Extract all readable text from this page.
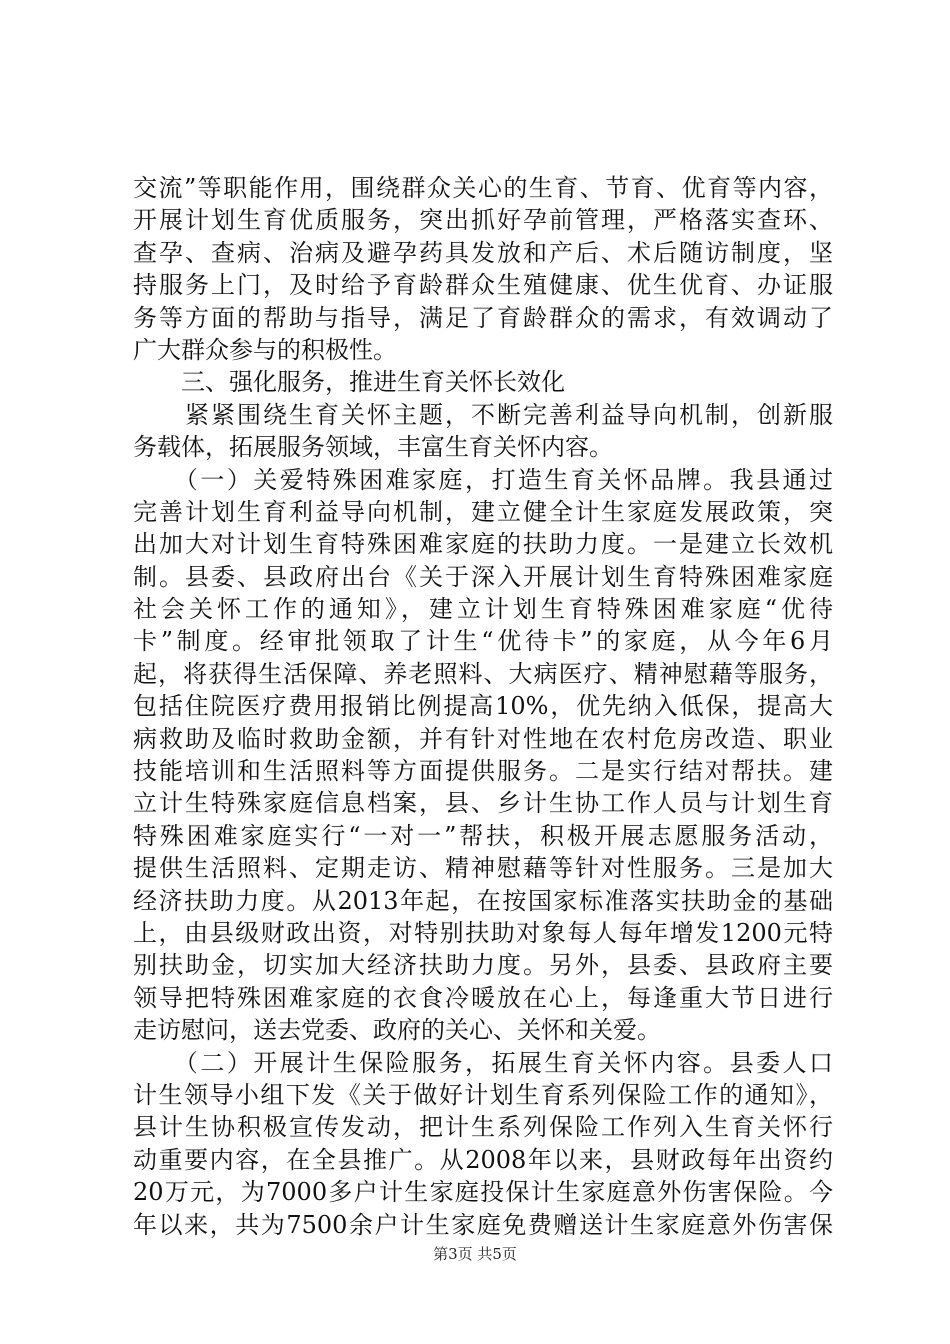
交流”等职能作用，围绕群众关心的生育、节育、优育等内容，
开展计划生育优质服务，突出抓好孕前管理，严格落实查环、
查孕、查病、治病及避孕药具发放和产后、术后随访制度，坚
持服务上门，及时给予育龄群众生殖健康、优生优育、办证服
务等方面的帮助与指导，满足了育龄群众的需求，有效调动了
广大群众参与的积极性。
　　三、强化服务，推进生育关怀长效化
　　紧紧围绕生育关怀主题，不断完善利益导向机制，创新服
务载体，拓展服务领域，丰富生育关怀内容。
　　（一）关爱特殊困难家庭，打造生育关怀品牌。我县通过
完善计划生育利益导向机制，建立健全计生家庭发展政策，突
出加大对计划生育特殊困难家庭的扶助力度。一是建立长效机
制。县委、县政府出台《关于深入开展计划生育特殊困难家庭
社会关怀工作的通知》，建立计划生育特殊困难家庭“优待
卡”制度。经审批领取了计生“优待卡”的家庭，从今年6月
起，将获得生活保障、养老照料、大病医疗、精神慰藉等服务，
包括住院医疗费用报销比例提高10%，优先纳入低保，提高大
病救助及临时救助金额，并有针对性地在农村危房改造、职业
技能培训和生活照料等方面提供服务。二是实行结对帮扶。建
立计生特殊家庭信息档案，县、乡计生协工作人员与计划生育
特殊困难家庭实行“一对一”帮扶，积极开展志愿服务活动，
提供生活照料、定期走访、精神慰藉等针对性服务。三是加大
经济扶助力度。从2013年起，在按国家标准落实扶助金的基础
上，由县级财政出资，对特别扶助对象每人每年增发1200元特
别扶助金，切实加大经济扶助力度。另外，县委、县政府主要
领导把特殊困难家庭的衣食冷暖放在心上，每逢重大节日进行
走访慰问，送去党委、政府的关心、关怀和关爱。
　　（二）开展计生保险服务，拓展生育关怀内容。县委人口
计生领导小组下发《关于做好计划生育系列保险工作的通知》，
县计生协积极宣传发动，把计生系列保险工作列入生育关怀行
动重要内容，在全县推广。从2008年以来，县财政每年出资约
20万元，为7000多户计生家庭投保计生家庭意外伤害保险。今
年以来，共为7500余户计生家庭免费赠送计生家庭意外伤害保
第3页 共5页
